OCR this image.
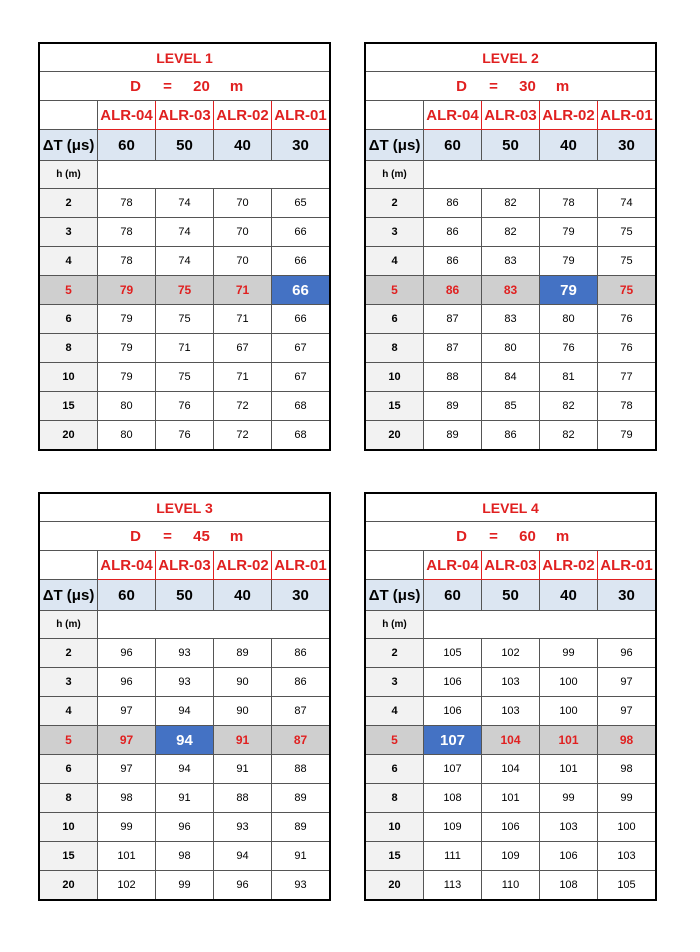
LEVEL 1				
D = 20 m				
	ALR-04	ALR-03	ALR-02	ALR-01
ΔT (μs)	60	50	40	30
h (m)				
2	78	74	70	65
3	78	74	70	66
4	78	74	70	66
5	79	75	71	66
6	79	75	71	66
8	79	71	67	67
10	79	75	71	67
15	80	76	72	68
20	80	76	72	68
LEVEL 2				
D = 30 m				
	ALR-04	ALR-03	ALR-02	ALR-01
ΔT (μs)	60	50	40	30
h (m)				
2	86	82	78	74
3	86	82	79	75
4	86	83	79	75
5	86	83	79	75
6	87	83	80	76
8	87	80	76	76
10	88	84	81	77
15	89	85	82	78
20	89	86	82	79
LEVEL 3				
D = 45 m				
	ALR-04	ALR-03	ALR-02	ALR-01
ΔT (μs)	60	50	40	30
h (m)				
2	96	93	89	86
3	96	93	90	86
4	97	94	90	87
5	97	94	91	87
6	97	94	91	88
8	98	91	88	89
10	99	96	93	89
15	101	98	94	91
20	102	99	96	93
LEVEL 4				
D = 60 m				
	ALR-04	ALR-03	ALR-02	ALR-01
ΔT (μs)	60	50	40	30
h (m)				
2	105	102	99	96
3	106	103	100	97
4	106	103	100	97
5	107	104	101	98
6	107	104	101	98
8	108	101	99	99
10	109	106	103	100
15	111	109	106	103
20	113	110	108	105
